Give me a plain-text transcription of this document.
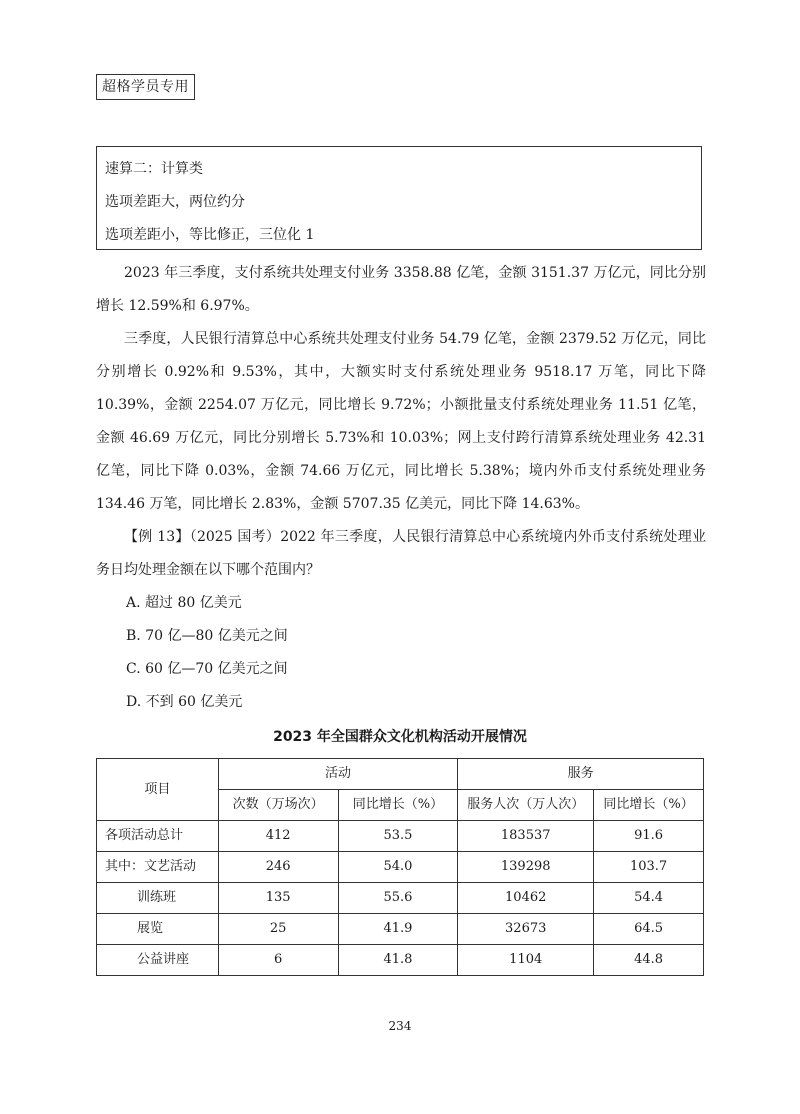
超格学员专用
速算二：计算类
选项差距大，两位约分
选项差距小，等比修正，三位化 1

2023 年三季度，支付系统共处理支付业务 3358.88 亿笔，金额 3151.37 万亿元，同比分别增长 12.59%和 6.97%。

三季度，人民银行清算总中心系统共处理支付业务 54.79 亿笔，金额 2379.52 万亿元，同比分别增长 0.92%和 9.53%，其中，大额实时支付系统处理业务 9518.17 万笔，同比下降 10.39%，金额 2254.07 万亿元，同比增长 9.72%；小额批量支付系统处理业务 11.51 亿笔，金额 46.69 万亿元，同比分别增长 5.73%和 10.03%；网上支付跨行清算系统处理业务 42.31 亿笔，同比下降 0.03%，金额 74.66 万亿元，同比增长 5.38%；境内外币支付系统处理业务 134.46 万笔，同比增长 2.83%，金额 5707.35 亿美元，同比下降 14.63%。

【例 13】（2025 国考）2022 年三季度，人民银行清算总中心系统境内外币支付系统处理业务日均处理金额在以下哪个范围内？

A. 超过 80 亿美元

B. 70 亿—80 亿美元之间

C. 60 亿—70 亿美元之间

D. 不到 60 亿美元

2023 年全国群众文化机构活动开展情况
项目	活动		服务	
	次数（万场次）	同比增长（%）	服务人次（万人次）	同比增长（%）
各项活动总计	412	53.5	183537	91.6
其中：文艺活动	246	54.0	139298	103.7
训练班	135	55.6	10462	54.4
展览	25	41.9	32673	64.5
公益讲座	6	41.8	1104	44.8
234
